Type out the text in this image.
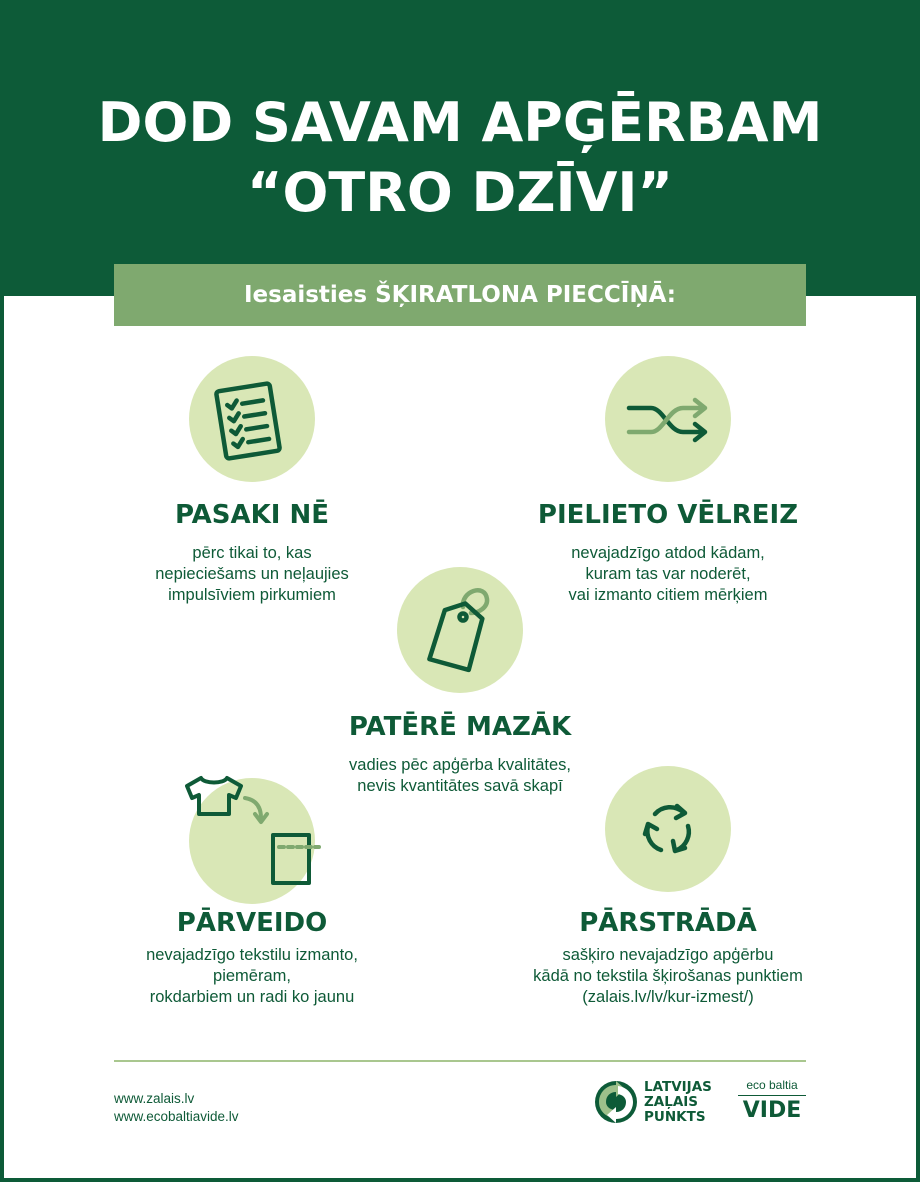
DOD SAVAM APĢĒRBAM
“OTRO DZĪVI”
Iesaisties ŠĶIRATLONA PIECCĪŅĀ:
PASAKI NĒ
pērc tikai to, kas
nepieciešams un neļaujies
impulsīviem pirkumiem
PIELIETO VĒLREIZ
nevajadzīgo atdod kādam,
kuram tas var noderēt,
vai izmanto citiem mērķiem
PATĒRĒ MAZĀK
vadies pēc apģērba kvalitātes,
nevis kvantitātes savā skapī
PĀRVEIDO
nevajadzīgo tekstilu izmanto,
piemēram,
rokdarbiem un radi ko jaunu
PĀRSTRĀDĀ
sašķiro nevajadzīgo apģērbu
kādā no tekstila šķirošanas punktiem
(zalais.lv/lv/kur-izmest/)
www.zalais.lv
www.ecobaltiavide.lv
LATVIJAS
ZAĻAIS
PUNKTS
eco baltia
VIDE
